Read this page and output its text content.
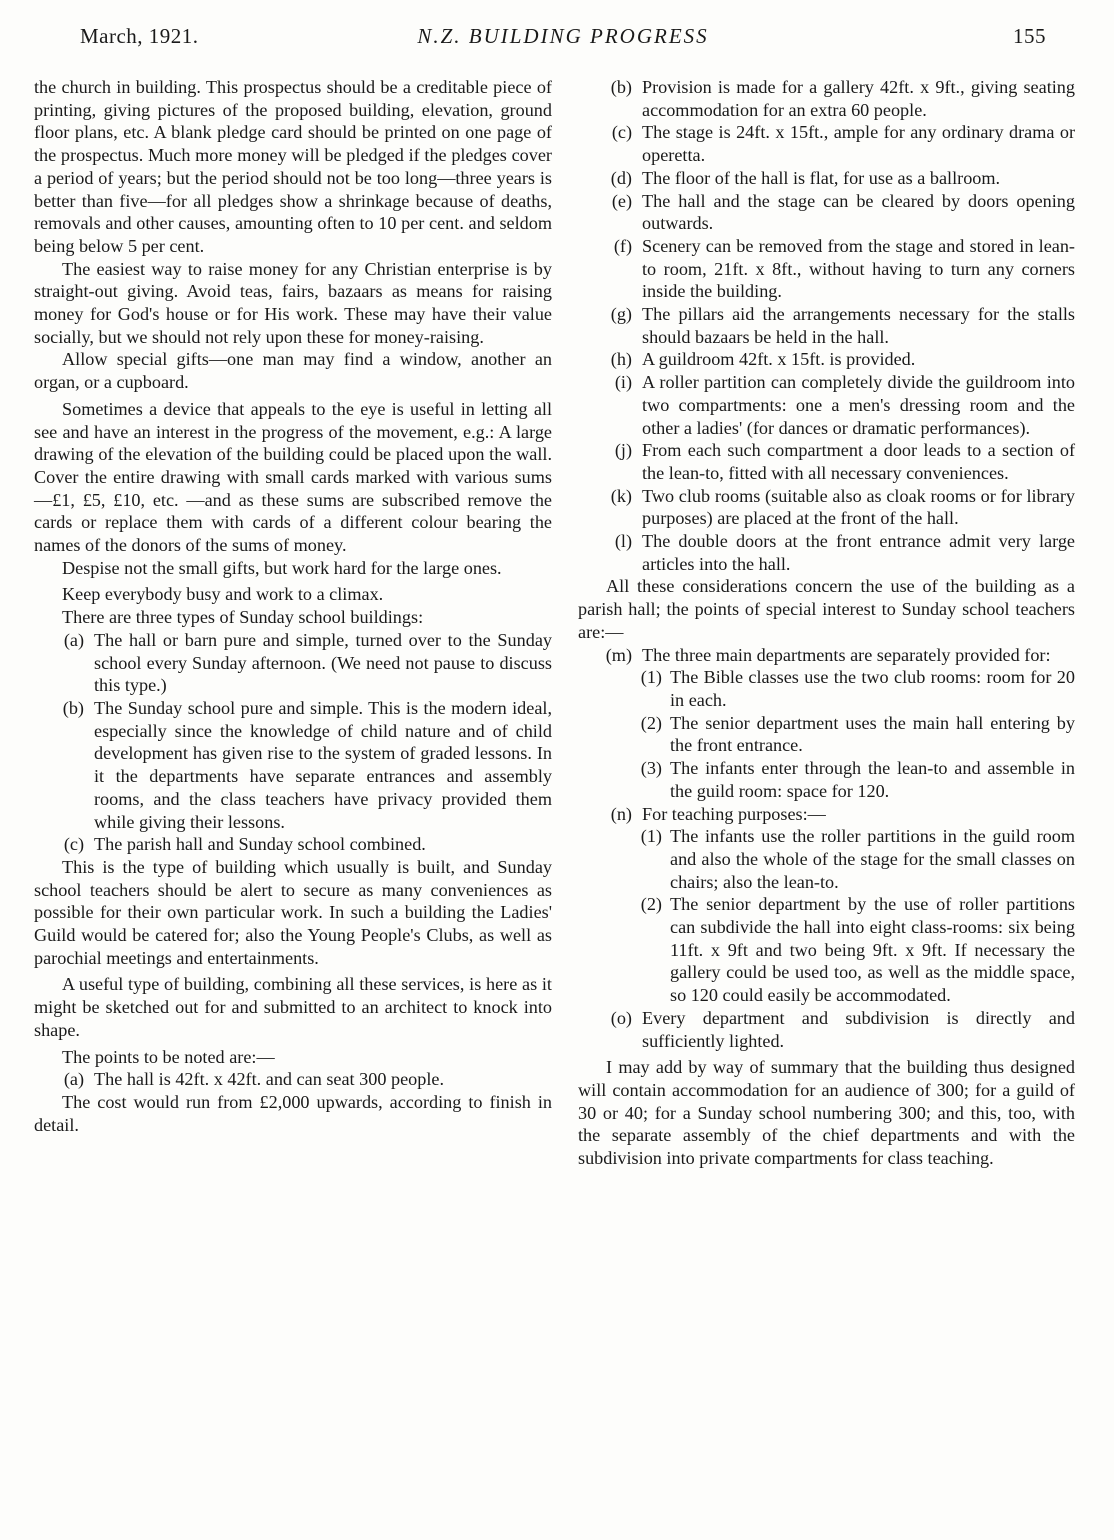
March, 1921.	N.Z. BUILDING PROGRESS	155

the church in building. This prospectus should be a creditable piece of printing, giving pictures of the proposed building, elevation, ground floor plans, etc. A blank pledge card should be printed on one page of the prospectus. Much more money will be pledged if the pledges cover a period of years; but the period should not be too long—three years is better than five—for all pledges show a shrinkage because of deaths, removals and other causes, amounting often to 10 per cent. and seldom being below 5 per cent.

The easiest way to raise money for any Christian enterprise is by straight-out giving. Avoid teas, fairs, bazaars as means for raising money for God's house or for His work. These may have their value socially, but we should not rely upon these for money-raising.

Allow special gifts—one man may find a window, another an organ, or a cupboard.

Sometimes a device that appeals to the eye is useful in letting all see and have an interest in the progress of the movement, e.g.: A large drawing of the elevation of the building could be placed upon the wall. Cover the entire drawing with small cards marked with various sums—£1, £5, £10, etc. —and as these sums are subscribed remove the cards or replace them with cards of a different colour bearing the names of the donors of the sums of money.

Despise not the small gifts, but work hard for the large ones.

Keep everybody busy and work to a climax.

There are three types of Sunday school buildings:

(a) The hall or barn pure and simple, turned over to the Sunday school every Sunday afternoon. (We need not pause to discuss this type.)
(b) The Sunday school pure and simple. This is the modern ideal, especially since the knowledge of child nature and of child development has given rise to the system of graded lessons. In it the departments have separate entrances and assembly rooms, and the class teachers have privacy provided them while giving their lessons.
(c) The parish hall and Sunday school combined.

This is the type of building which usually is built, and Sunday school teachers should be alert to secure as many conveniences as possible for their own particular work. In such a building the Ladies' Guild would be catered for; also the Young People's Clubs, as well as parochial meetings and entertainments.

A useful type of building, combining all these services, is here as it might be sketched out for and submitted to an architect to knock into shape.

The points to be noted are:—

(a) The hall is 42ft. x 42ft. and can seat 300 people.

The cost would run from £2,000 upwards, according to finish in detail.

(b) Provision is made for a gallery 42ft. x 9ft., giving seating accommodation for an extra 60 people.
(c) The stage is 24ft. x 15ft., ample for any ordinary drama or operetta.
(d) The floor of the hall is flat, for use as a ballroom.
(e) The hall and the stage can be cleared by doors opening outwards.
(f) Scenery can be removed from the stage and stored in lean-to room, 21ft. x 8ft., without having to turn any corners inside the building.
(g) The pillars aid the arrangements necessary for the stalls should bazaars be held in the hall.
(h) A guildroom 42ft. x 15ft. is provided.
(i) A roller partition can completely divide the guildroom into two compartments: one a men's dressing room and the other a ladies' (for dances or dramatic performances).
(j) From each such compartment a door leads to a section of the lean-to, fitted with all necessary conveniences.
(k) Two club rooms (suitable also as cloak rooms or for library purposes) are placed at the front of the hall.
(l) The double doors at the front entrance admit very large articles into the hall.

All these considerations concern the use of the building as a parish hall; the points of special interest to Sunday school teachers are:—

(m) The three main departments are separately provided for:
(1) The Bible classes use the two club rooms: room for 20 in each.
(2) The senior department uses the main hall entering by the front entrance.
(3) The infants enter through the lean-to and assemble in the guild room: space for 120.
(n) For teaching purposes:—
(1) The infants use the roller partitions in the guild room and also the whole of the stage for the small classes on chairs; also the lean-to.
(2) The senior department by the use of roller partitions can subdivide the hall into eight class-rooms: six being 11ft. x 9ft and two being 9ft. x 9ft. If necessary the gallery could be used too, as well as the middle space, so 120 could easily be accommodated.
(o) Every department and subdivision is directly and sufficiently lighted.

I may add by way of summary that the building thus designed will contain accommodation for an audience of 300; for a guild of 30 or 40; for a Sunday school numbering 300; and this, too, with the separate assembly of the chief departments and with the subdivision into private compartments for class teaching.
